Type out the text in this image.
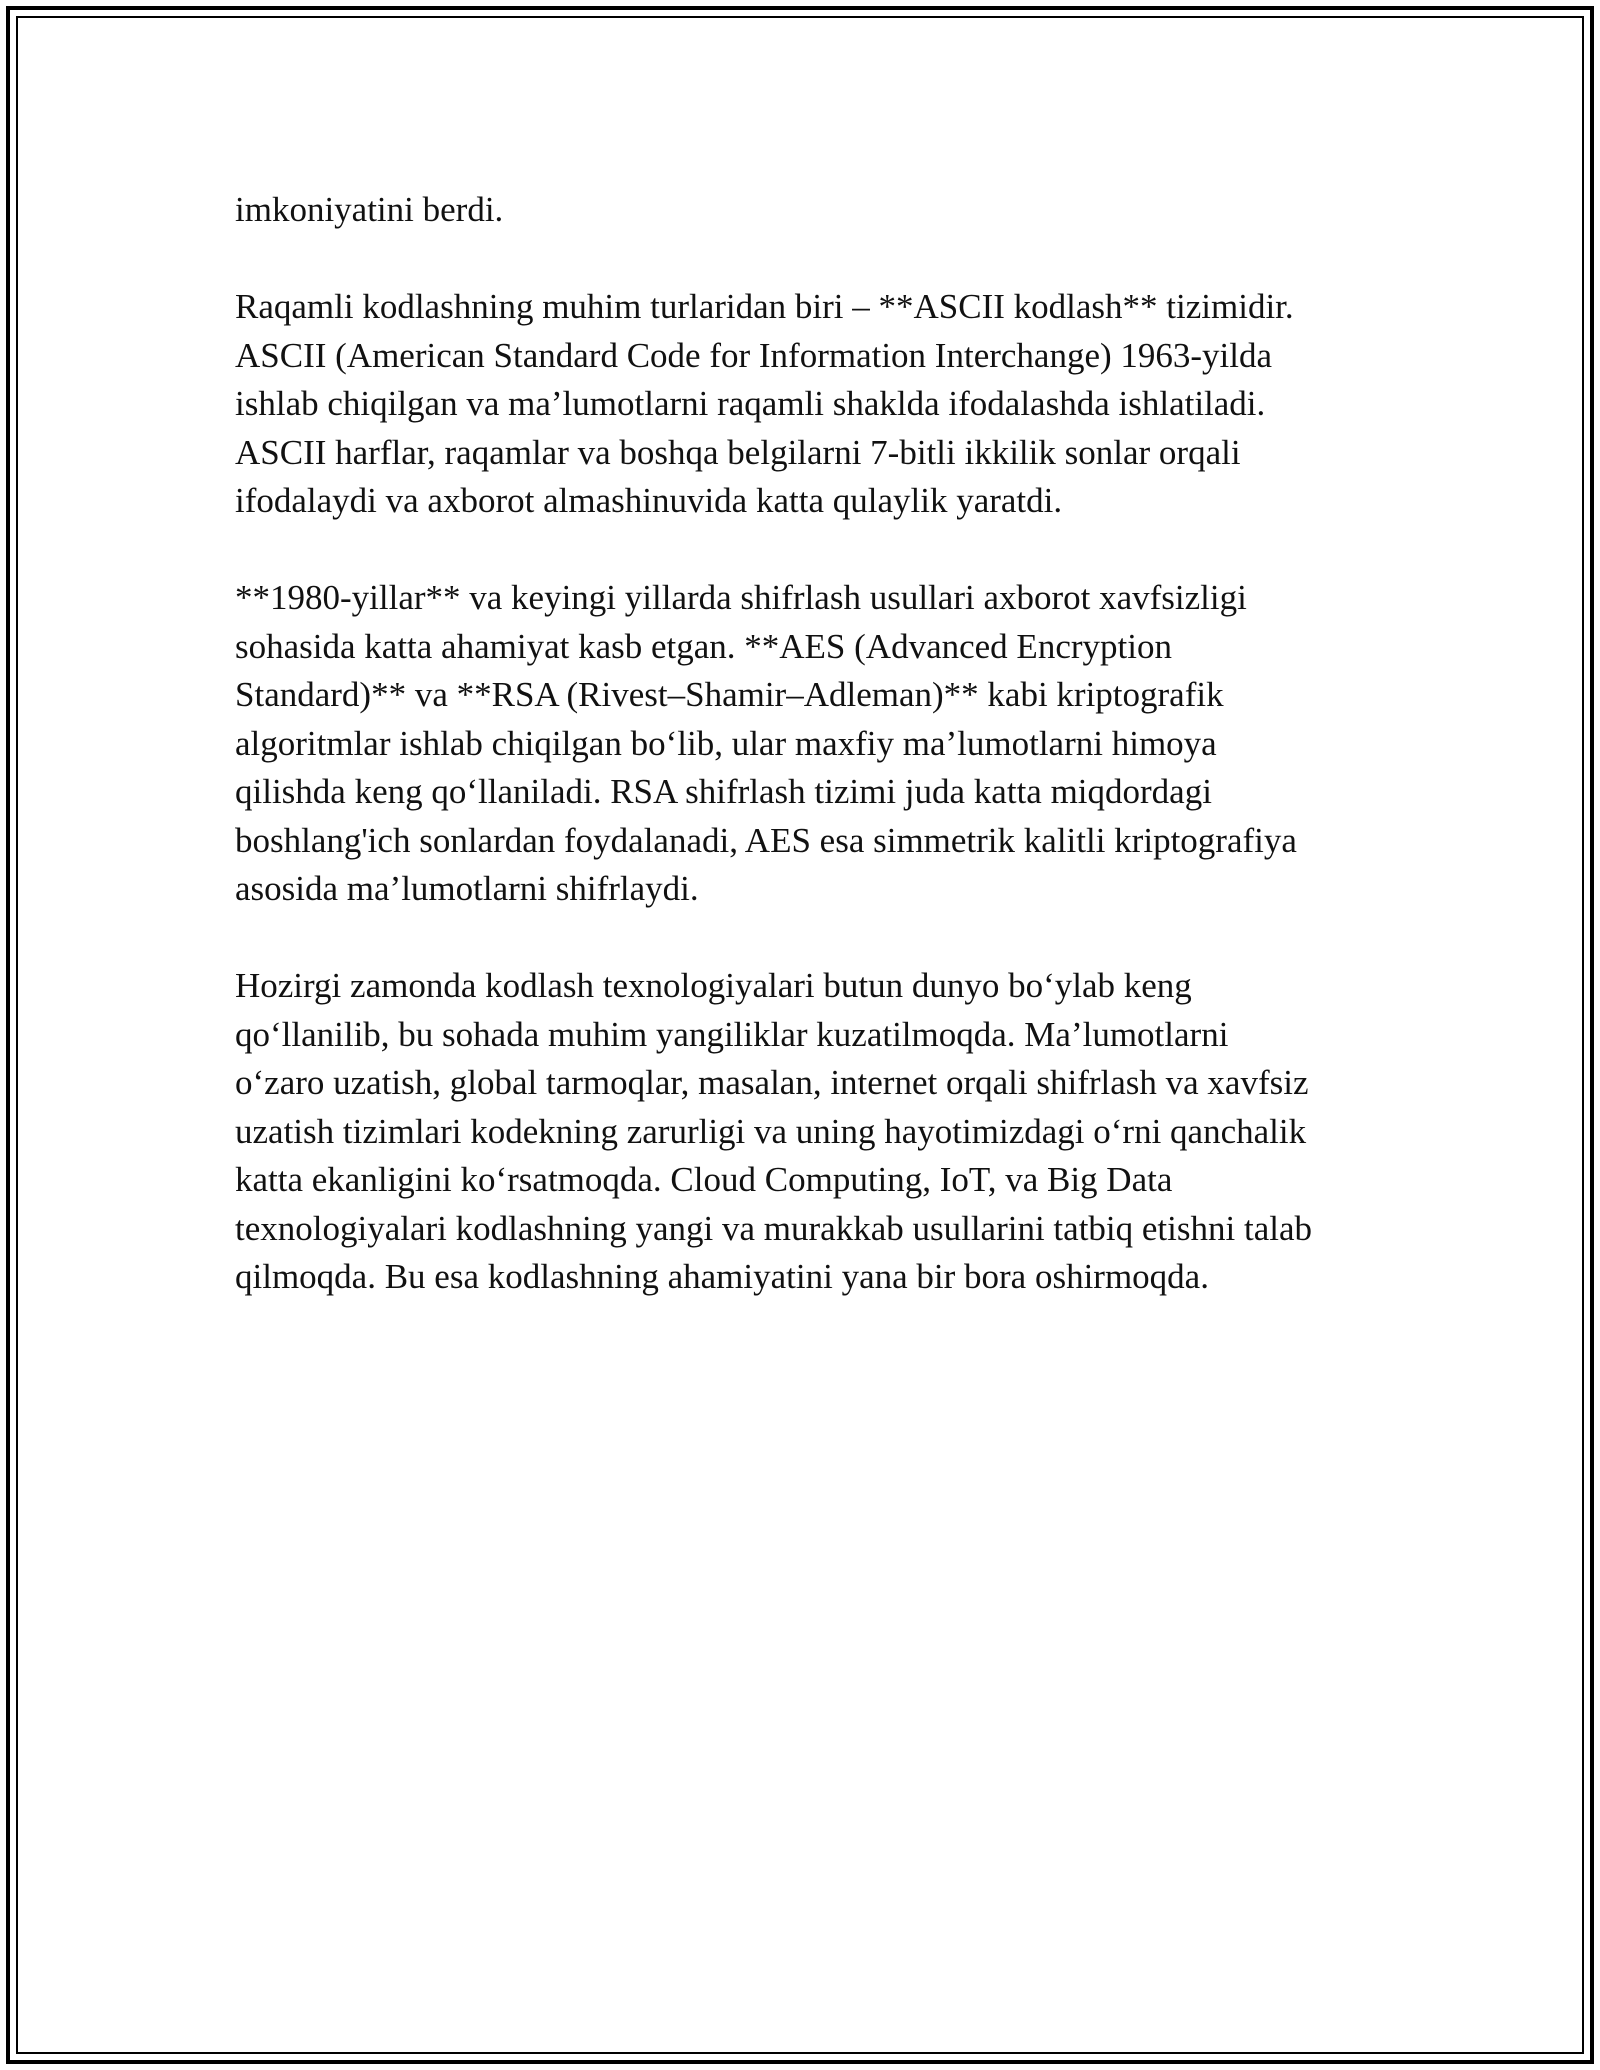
imkoniyatini berdi.

Raqamli kodlashning muhim turlaridan biri – **ASCII kodlash** tizimidir.
ASCII (American Standard Code for Information Interchange) 1963-yilda
ishlab chiqilgan va ma’lumotlarni raqamli shaklda ifodalashda ishlatiladi.
ASCII harflar, raqamlar va boshqa belgilarni 7-bitli ikkilik sonlar orqali
ifodalaydi va axborot almashinuvida katta qulaylik yaratdi.

**1980-yillar** va keyingi yillarda shifrlash usullari axborot xavfsizligi
sohasida katta ahamiyat kasb etgan. **AES (Advanced Encryption
Standard)** va **RSA (Rivest–Shamir–Adleman)** kabi kriptografik
algoritmlar ishlab chiqilgan bo‘lib, ular maxfiy ma’lumotlarni himoya
qilishda keng qo‘llaniladi. RSA shifrlash tizimi juda katta miqdordagi
boshlang'ich sonlardan foydalanadi, AES esa simmetrik kalitli kriptografiya
asosida ma’lumotlarni shifrlaydi.

Hozirgi zamonda kodlash texnologiyalari butun dunyo bo‘ylab keng
qo‘llanilib, bu sohada muhim yangiliklar kuzatilmoqda. Ma’lumotlarni
o‘zaro uzatish, global tarmoqlar, masalan, internet orqali shifrlash va xavfsiz
uzatish tizimlari kodekning zarurligi va uning hayotimizdagi o‘rni qanchalik
katta ekanligini ko‘rsatmoqda. Cloud Computing, IoT, va Big Data
texnologiyalari kodlashning yangi va murakkab usullarini tatbiq etishni talab
qilmoqda. Bu esa kodlashning ahamiyatini yana bir bora oshirmoqda.
